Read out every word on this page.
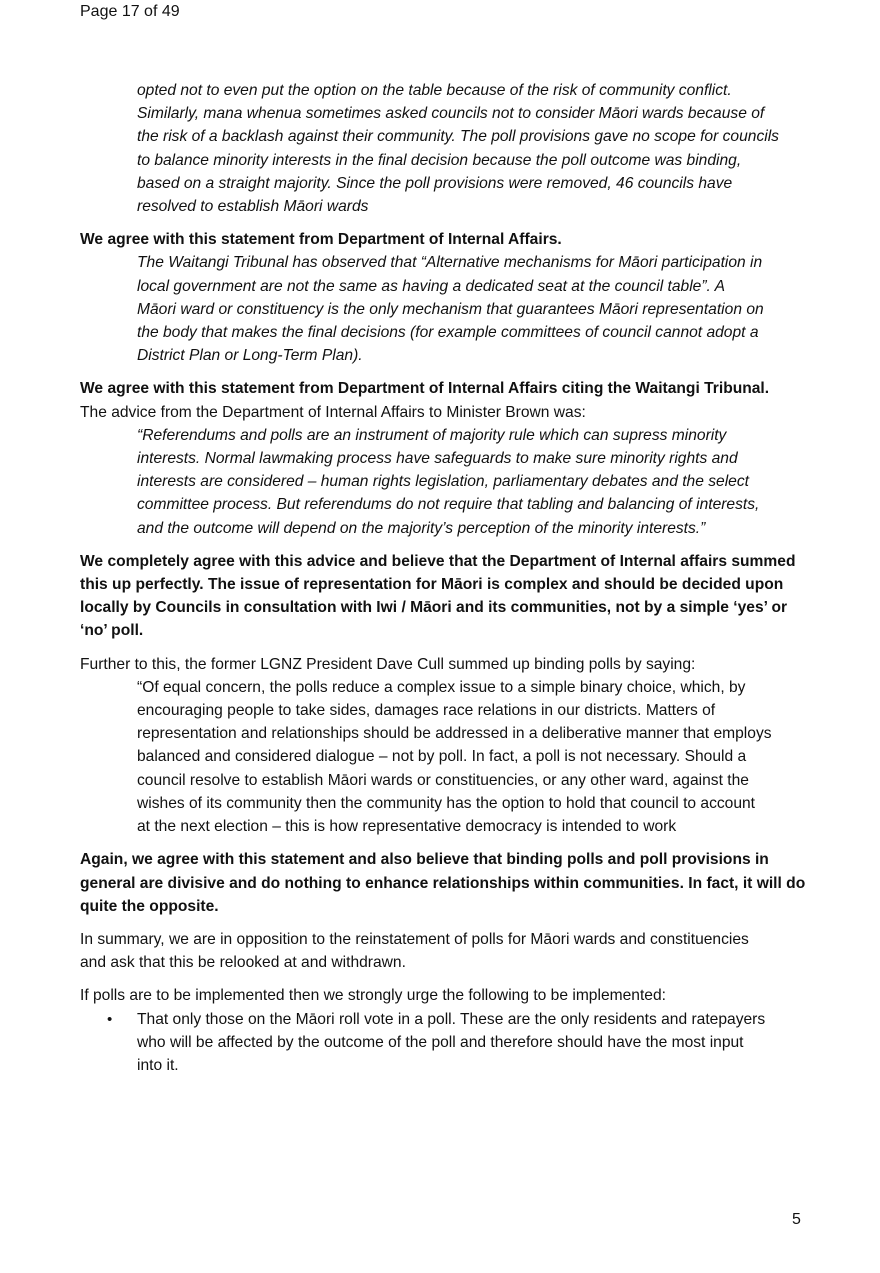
Page 17 of 49
opted not to even put the option on the table because of the risk of community conflict.
Similarly, mana whenua sometimes asked councils not to consider Māori wards because of
the risk of a backlash against their community. The poll provisions gave no scope for councils
to balance minority interests in the final decision because the poll outcome was binding,
based on a straight majority. Since the poll provisions were removed, 46 councils have
resolved to establish Māori wards

We agree with this statement from Department of Internal Affairs.

The Waitangi Tribunal has observed that “Alternative mechanisms for Māori participation in
local government are not the same as having a dedicated seat at the council table”. A
Māori ward or constituency is the only mechanism that guarantees Māori representation on
the body that makes the final decisions (for example committees of council cannot adopt a
District Plan or Long-Term Plan).

We agree with this statement from Department of Internal Affairs citing the Waitangi Tribunal.

The advice from the Department of Internal Affairs to Minister Brown was:

“Referendums and polls are an instrument of majority rule which can supress minority
interests. Normal lawmaking process have safeguards to make sure minority rights and
interests are considered – human rights legislation, parliamentary debates and the select
committee process. But referendums do not require that tabling and balancing of interests,
and the outcome will depend on the majority’s perception of the minority interests.”
We completely agree with this advice and believe that the Department of Internal affairs summed
this up perfectly. The issue of representation for Māori is complex and should be decided upon
locally by Councils in consultation with Iwi / Māori and its communities, not by a simple ‘yes’ or
‘no’ poll.

Further to this, the former LGNZ President Dave Cull summed up binding polls by saying:

“Of equal concern, the polls reduce a complex issue to a simple binary choice, which, by
encouraging people to take sides, damages race relations in our districts. Matters of
representation and relationships should be addressed in a deliberative manner that employs
balanced and considered dialogue – not by poll. In fact, a poll is not necessary. Should a
council resolve to establish Māori wards or constituencies, or any other ward, against the
wishes of its community then the community has the option to hold that council to account
at the next election – this is how representative democracy is intended to work
Again, we agree with this statement and also believe that binding polls and poll provisions in
general are divisive and do nothing to enhance relationships within communities. In fact, it will do
quite the opposite.
In summary, we are in opposition to the reinstatement of polls for Māori wards and constituencies
and ask that this be relooked at and withdrawn.

If polls are to be implemented then we strongly urge the following to be implemented:

• That only those on the Māori roll vote in a poll. These are the only residents and ratepayers
who will be affected by the outcome of the poll and therefore should have the most input
into it.
5
